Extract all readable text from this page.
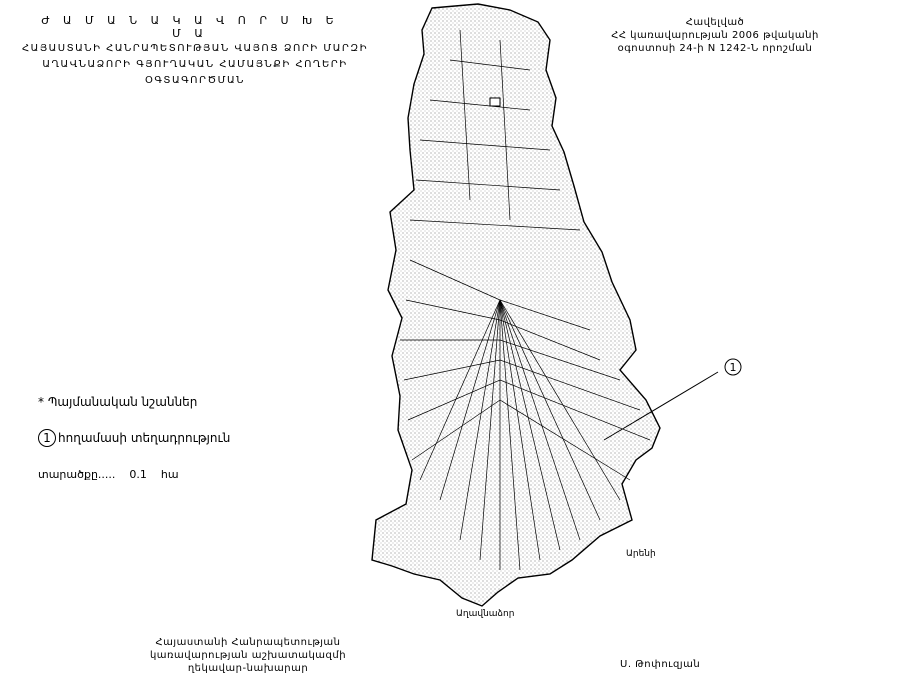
Ժ Ա Մ Ա Ն Ա Կ Ա Վ Ո Ր Ս Խ Ե Մ Ա
ՀԱՅԱՍՏԱՆԻ ՀԱՆՐԱՊԵՏՈՒԹՅԱՆ ՎԱՅՈՑ ՁՈՐԻ ՄԱՐԶԻ
ԱՂԱՎՆԱՁՈՐԻ ԳՅՈՒՂԱԿԱՆ ՀԱՄԱՅՆՔԻ ՀՈՂԵՐԻ
ՕԳՏԱԳՈՐԾՄԱՆ
Հավելված
ՀՀ կառավարության 2006 թվականի
օգոստոսի 24-ի N 1242-Ն որոշման
* Պայմանական նշաններ
1 հողամասի տեղադրություն
տարածքը..... 0.1 հա
1
Արենի
Աղավնաձոր
Հայաստանի Հանրապետության
կառավարության աշխատակազմի
ղեկավար-նախարար	Ս. Թոփուզյան
